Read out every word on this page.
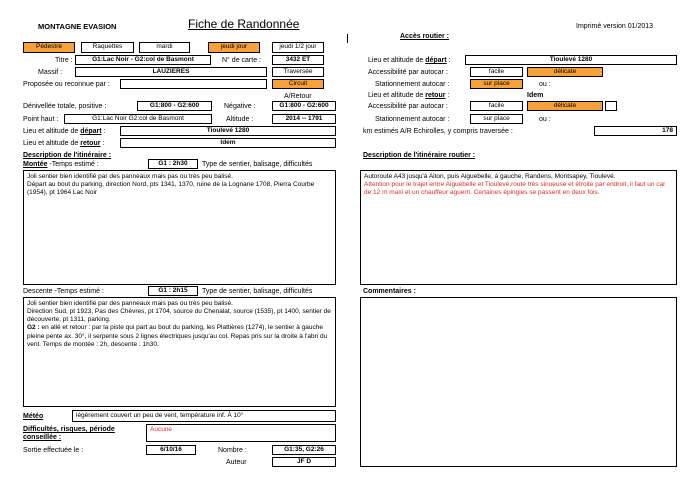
MONTAGNE EVASION	Fiche de Randonnée	Imprimé version 01/2013
Pédestre	Raquettes	mardi	jeudi jour	jeudi 1/2 jour
Titre :	G1:Lac Noir - G2:col de Basmont	N° de carte :	3432 ET
Massif :	LAUZIERES	Traversée
Proposée ou reconnue par :	Circuit
A/Retour
Dénivellée totale, positive :	G1:800 - G2:600	Négative :	G1:800 - G2:600
Point haut :	G1:Lac Noir G2:col de Basmont	Altitude :	2014 -- 1791
Lieu et altitude de départ :	Tioulevé 1280
Lieu et altitude de retour :	Idem
Description de l'itinéraire :
Montée -Temps estimé :	G1 : 2h30	Type de sentier, balisage, difficultés
Joli sentier bien identifié par des panneaux mais pas ou très peu balisé.
Départ au bout du parking, direction Nord, pts 1341, 1370, ruine de la Lognane 1708, Pierra Courbe (1954), pt 1964 Lac Noir
Descente -Temps estimé :	G1 : 2h15	Type de sentier, balisage, difficultés
Joli sentier bien identifié par des panneaux mais pas ou très peu balisé.
Direction Sud, pt 1923, Pas des Chèvres, pt 1704, source du Chenalat, source (1535), pt 1400, sentier de découverte, pt 1311, parking.
G2 : en allé et retour : par la piste qui part au bout du parking, les Plattières (1274), le sentier à gauche pleine pente ax. 30°, il serpente sous 2 lignes électriques jusqu'au col. Repas pris sur la droite à l'abri du vent. Temps de montée : 2h, descente : 1h30.
Météo	légèrement couvert un peu de vent, température inf. À 10°
Difficultés, risques, période conseillée :
Aucune
Sortie effectuée le :	6/10/16	Nombre :	G1:35, G2:26
Auteur	JF D
Accès routier :
Lieu et altitude de départ :	Tioulevé 1280
Accessibilité par autocar :	facile	délicate
Stationnement autocar :	sur place	ou :
Lieu et altitude de retour :	Idem
Accessibilité par autocar :	facile	délicate
Stationnement autocar :	sur place	ou :
km estimés A/R Echirolles, y compris traversée :	178
Description de l'itinéraire routier :
Autoroute A43 jusqu'à Aiton, puis Aiguebelle, à gauche, Randens, Montsapey, Tioulevé.
Attention pour le trajet entre Aiguebelle et Tioulevé,route très sinueuse et étroite par endroit, il faut un car de 12 m maxi et un chauffeur aguerri. Certaines épingles se passent en deux fois.
Commentaires :
